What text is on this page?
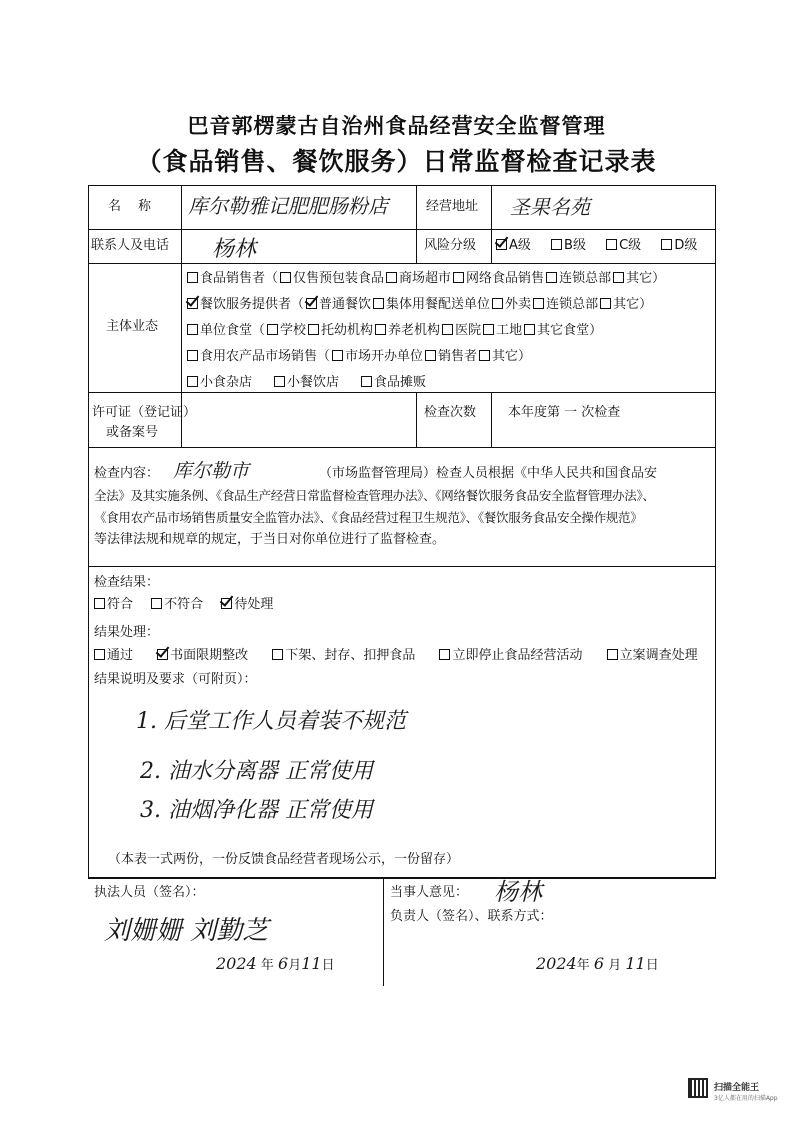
巴音郭楞蒙古自治州食品经营安全监督管理
（食品销售、餐饮服务）日常监督检查记录表
名　称 库尔勒雅记肥肥肠粉店	经营地址 圣果名苑
联系人及电话 杨林	风险分级	A级	B级	C级	D级
主体业态
食品销售者（ 仅售预包装食品 商场超市 网络食品销售 连锁总部 其它）
餐饮服务提供者（ 普通餐饮 集体用餐配送单位 外卖 连锁总部 其它）
单位食堂（ 学校 托幼机构 养老机构 医院 工地 其它食堂）
食用农产品市场销售（ 市场开办单位 销售者 其它）
小食杂店	小餐饮店	食品摊贩
许可证（登记证）
或备案号
检查次数 本年度第 一 次检查
检查内容： 库尔勒市	（市场监督管理局）检查人员根据《中华人民共和国食品安
全法》及其实施条例、《食品生产经营日常监督检查管理办法》、《网络餐饮服务食品安全监督管理办法》、
《食用农产品市场销售质量安全监管办法》、《食品经营过程卫生规范》、《餐饮服务食品安全操作规范》
等法律法规和规章的规定，于当日对你单位进行了监督检查。
检查结果：
符合 不符合 待处理
结果处理：
通过	书面限期整改	下架、封存、扣押食品	立即停止食品经营活动	立案调查处理
结果说明及要求（可附页）：
1. 后堂工作人员着装不规范
2. 油水分离器 正常使用
3. 油烟净化器 正常使用
（本表一式两份，一份反馈食品经营者现场公示，一份留存）
执法人员（签名）：
刘姗姗 刘勤芝
2024 年 6月11日
当事人意见： 杨林
负责人（签名）、联系方式：
2024年 6 月 11日
扫描全能王
3亿人都在用的扫描App
